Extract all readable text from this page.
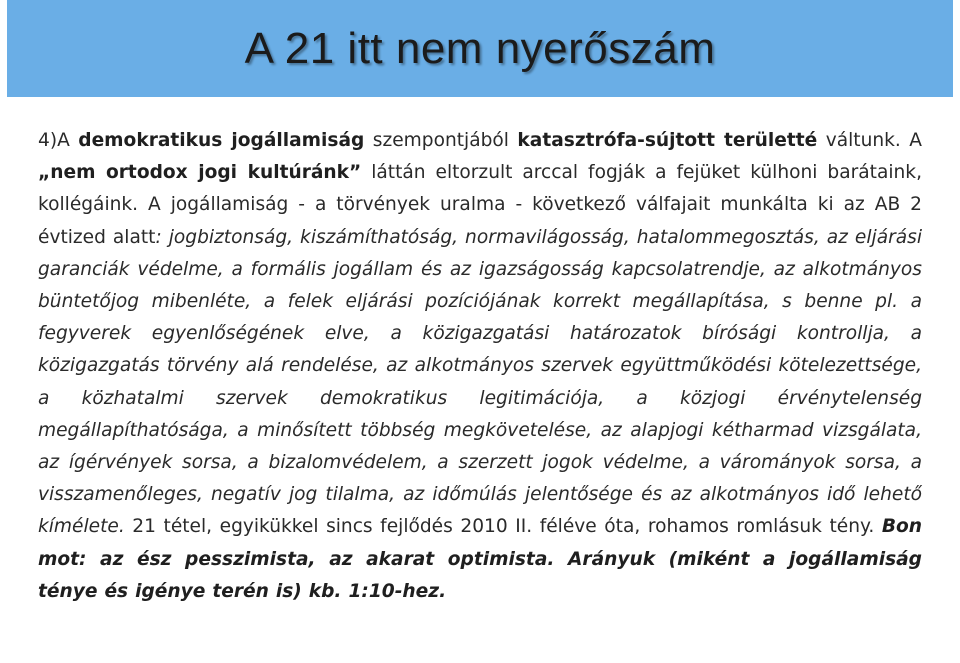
A 21 itt nem nyerőszám

4)A demokratikus jogállamiság szempontjából katasztrófa-sújtott területté váltunk. A „nem ortodox jogi kultúránk” láttán eltorzult arccal fogják a fejüket külhoni barátaink, kollégáink. A jogállamiság - a törvények uralma - következő válfajait munkálta ki az AB 2 évtized alatt: jogbiztonság, kiszámíthatóság, normavilágosság, hatalommegosztás, az eljárási garanciák védelme, a formális jogállam és az igazságosság kapcsolatrendje, az alkotmányos büntetőjog mibenléte, a felek eljárási pozíciójának korrekt megállapítása, s benne pl. a fegyverek egyenlőségének elve, a közigazgatási határozatok bírósági kontrollja, a közigazgatás törvény alá rendelése, az alkotmányos szervek együttműködési kötelezettsége, a közhatalmi szervek demokratikus legitimációja, a közjogi érvénytelenség megállapíthatósága, a minősített többség megkövetelése, az alapjogi kétharmad vizsgálata, az ígérvények sorsa, a bizalomvédelem, a szerzett jogok védelme, a várományok sorsa, a visszamenőleges, negatív jog tilalma, az időmúlás jelentősége és az alkotmányos idő lehető kímélete. 21 tétel, egyikükkel sincs fejlődés 2010 II. féléve óta, rohamos romlásuk tény. Bon mot: az ész pesszimista, az akarat optimista. Arányuk (miként a jogállamiság ténye és igénye terén is) kb. 1:10-hez.
